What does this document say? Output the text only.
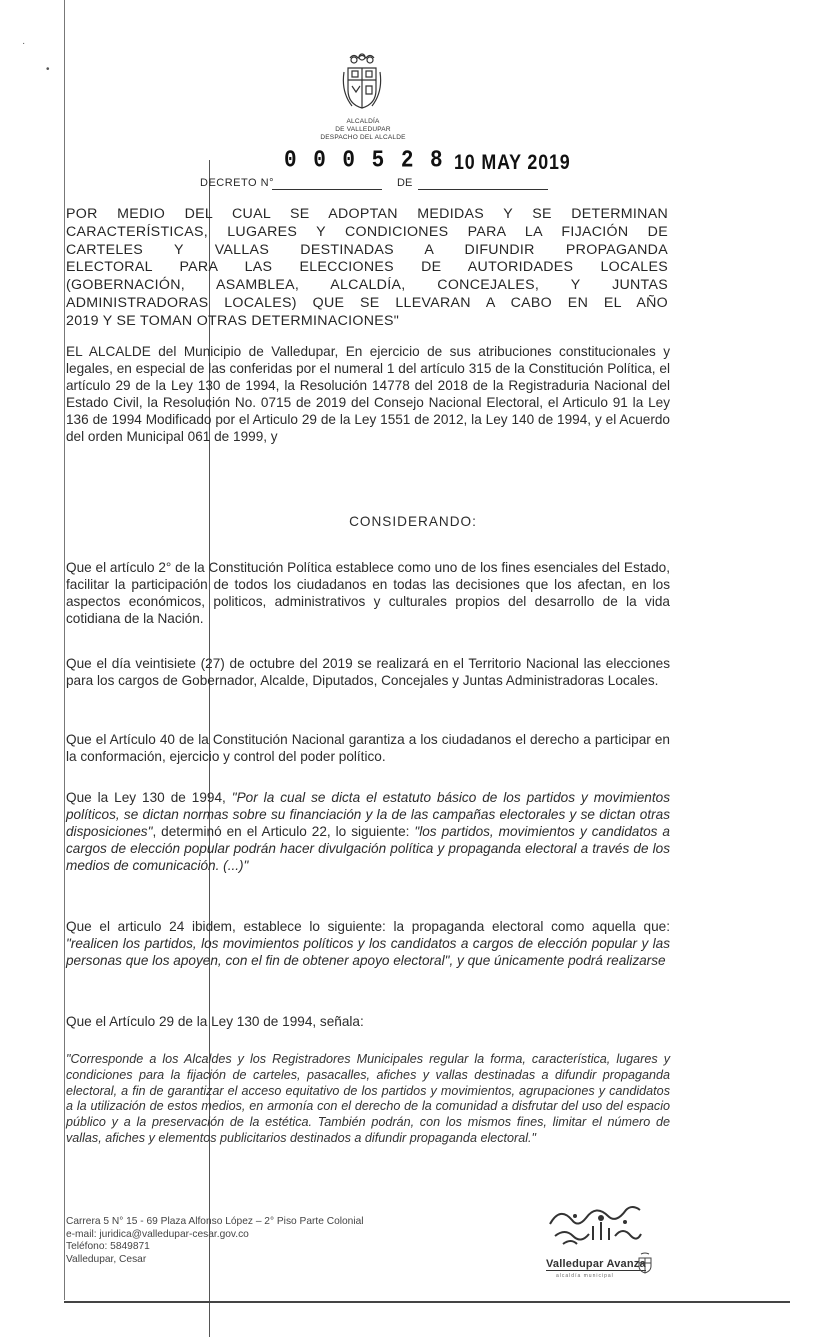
·
•
ALCALDÍA
DE VALLEDUPAR
DESPACHO DEL ALCALDE
DECRETO N°
0 0 0 5 2 8
DE
10 MAY 2019
POR MEDIO DEL CUAL SE ADOPTAN MEDIDAS Y SE DETERMINAN
CARACTERÍSTICAS, LUGARES Y CONDICIONES PARA LA FIJACIÓN DE
CARTELES Y VALLAS DESTINADAS A DIFUNDIR PROPAGANDA
ELECTORAL PARA LAS ELECCIONES DE AUTORIDADES LOCALES
(GOBERNACIÓN, ASAMBLEA, ALCALDÍA, CONCEJALES, Y JUNTAS
ADMINISTRADORAS LOCALES) QUE SE LLEVARAN A CABO EN EL AÑO
2019 Y SE TOMAN OTRAS DETERMINACIONES"

EL ALCALDE del Municipio de Valledupar, En ejercicio de sus atribuciones constitucionales y legales, en especial de las conferidas por el numeral 1 del artículo 315 de la Constitución Política, el artículo 29 de la Ley 130 de 1994, la Resolución 14778 del 2018 de la Registraduria Nacional del Estado Civil, la Resolución No. 0715 de 2019 del Consejo Nacional Electoral, el Articulo 91 la Ley 136 de 1994 Modificado por el Articulo 29 de la Ley 1551 de 2012, la Ley 140 de 1994, y el Acuerdo del orden Municipal 061 de 1999, y

CONSIDERANDO:

Que el artículo 2° de la Constitución Política establece como uno de los fines esenciales del Estado, facilitar la participación de todos los ciudadanos en todas las decisiones que los afectan, en los aspectos económicos, politicos, administrativos y culturales propios del desarrollo de la vida cotidiana de la Nación.

Que el día veintisiete (27) de octubre del 2019 se realizará en el Territorio Nacional las elecciones para los cargos de Gobernador, Alcalde, Diputados, Concejales y Juntas Administradoras Locales.

Que el Artículo 40 de la Constitución Nacional garantiza a los ciudadanos el derecho a participar en la conformación, ejercicio y control del poder político.

Que la Ley 130 de 1994, "Por la cual se dicta el estatuto básico de los partidos y movimientos políticos, se dictan normas sobre su financiación y la de las campañas electorales y se dictan otras disposiciones", determinó en el Articulo 22, lo siguiente: "los partidos, movimientos y candidatos a cargos de elección popular podrán hacer divulgación política y propaganda electoral a través de los medios de comunicación. (...)"

Que el articulo 24 ibidem, establece lo siguiente: la propaganda electoral como aquella que: "realicen los partidos, los movimientos políticos y los candidatos a cargos de elección popular y las personas que los apoyen, con el fin de obtener apoyo electoral", y que únicamente podrá realizarse

Que el Artículo 29 de la Ley 130 de 1994, señala:

"Corresponde a los Alcaldes y los Registradores Municipales regular la forma, característica, lugares y condiciones para la fijación de carteles, pasacalles, afiches y vallas destinadas a difundir propaganda electoral, a fin de garantizar el acceso equitativo de los partidos y movimientos, agrupaciones y candidatos a la utilización de estos medios, en armonía con el derecho de la comunidad a disfrutar del uso del espacio público y a la preservación de la estética. También podrán, con los mismos fines, limitar el número de vallas, afiches y elementos publicitarios destinados a difundir propaganda electoral."

Carrera 5 N° 15 - 69 Plaza Alfonso López – 2° Piso Parte Colonial
e-mail: juridica@valledupar-cesar.gov.co
Teléfono: 5849871
Valledupar, Cesar	Valledupar Avanza
alcaldía municipal
